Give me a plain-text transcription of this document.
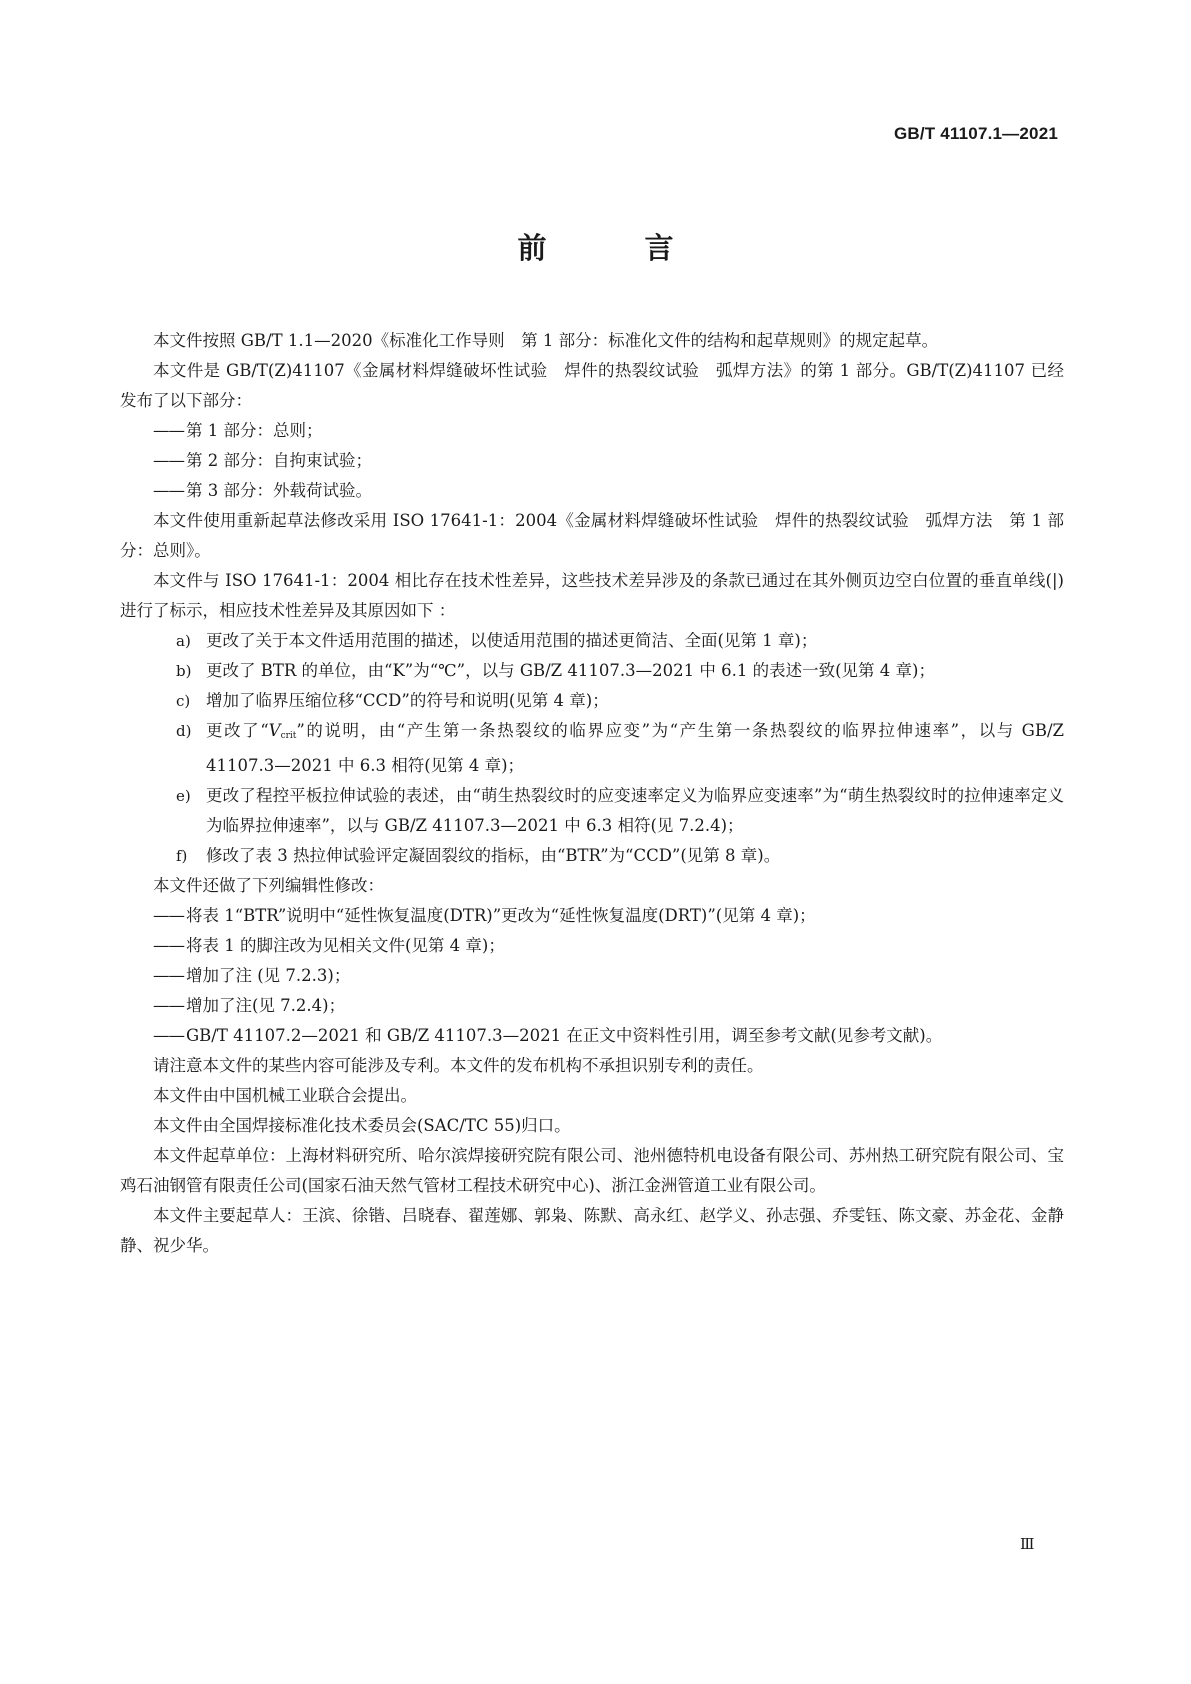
GB/T 41107.1—2021
前 言

本文件按照 GB/T 1.1—2020《标准化工作导则　第 1 部分：标准化文件的结构和起草规则》的规定起草。

本文件是 GB/T(Z)41107《金属材料焊缝破坏性试验　焊件的热裂纹试验　弧焊方法》的第 1 部分。GB/T(Z)41107 已经发布了以下部分：

—— 第 1 部分：总则；

—— 第 2 部分：自拘束试验；

—— 第 3 部分：外载荷试验。

本文件使用重新起草法修改采用 ISO 17641-1：2004《金属材料焊缝破坏性试验　焊件的热裂纹试验　弧焊方法　第 1 部分：总则》。

本文件与 ISO 17641-1：2004 相比存在技术性差异，这些技术差异涉及的条款已通过在其外侧页边空白位置的垂直单线(|)进行了标示，相应技术性差异及其原因如下 ：

a) 更改了关于本文件适用范围的描述，以使适用范围的描述更简洁、全面(见第 1 章)；

b) 更改了 BTR 的单位，由“K”为“℃”，以与 GB/Z 41107.3—2021 中 6.1 的表述一致(见第 4 章)；

c) 增加了临界压缩位移“CCD”的符号和说明(见第 4 章)；

d) 更改了“$V_{crit}$”的说明，由“产生第一条热裂纹的临界应变”为“产生第一条热裂纹的临界拉伸速率”，以与 GB/Z 41107.3—2021 中 6.3 相符(见第 4 章)；

e) 更改了程控平板拉伸试验的表述，由“萌生热裂纹时的应变速率定义为临界应变速率”为“萌生热裂纹时的拉伸速率定义为临界拉伸速率”，以与 GB/Z 41107.3—2021 中 6.3 相符(见 7.2.4)；

f) 修改了表 3 热拉伸试验评定凝固裂纹的指标，由“BTR”为“CCD”(见第 8 章)。

本文件还做了下列编辑性修改：

—— 将表 1“BTR”说明中“延性恢复温度(DTR)”更改为“延性恢复温度(DRT)”(见第 4 章)；

—— 将表 1 的脚注改为见相关文件(见第 4 章)；

—— 增加了注 (见 7.2.3)；

—— 增加了注(见 7.2.4)；

—— GB/T 41107.2—2021 和 GB/Z 41107.3—2021 在正文中资料性引用，调至参考文献(见参考文献)。

请注意本文件的某些内容可能涉及专利。本文件的发布机构不承担识别专利的责任。

本文件由中国机械工业联合会提出。

本文件由全国焊接标准化技术委员会(SAC/TC 55)归口。

本文件起草单位：上海材料研究所、哈尔滨焊接研究院有限公司、池州德特机电设备有限公司、苏州热工研究院有限公司、宝鸡石油钢管有限责任公司(国家石油天然气管材工程技术研究中心)、浙江金洲管道工业有限公司。

本文件主要起草人：王滨、徐锴、吕晓春、翟莲娜、郭枭、陈默、高永红、赵学义、孙志强、乔雯钰、陈文豪、苏金花、金静静、祝少华。

Ⅲ
